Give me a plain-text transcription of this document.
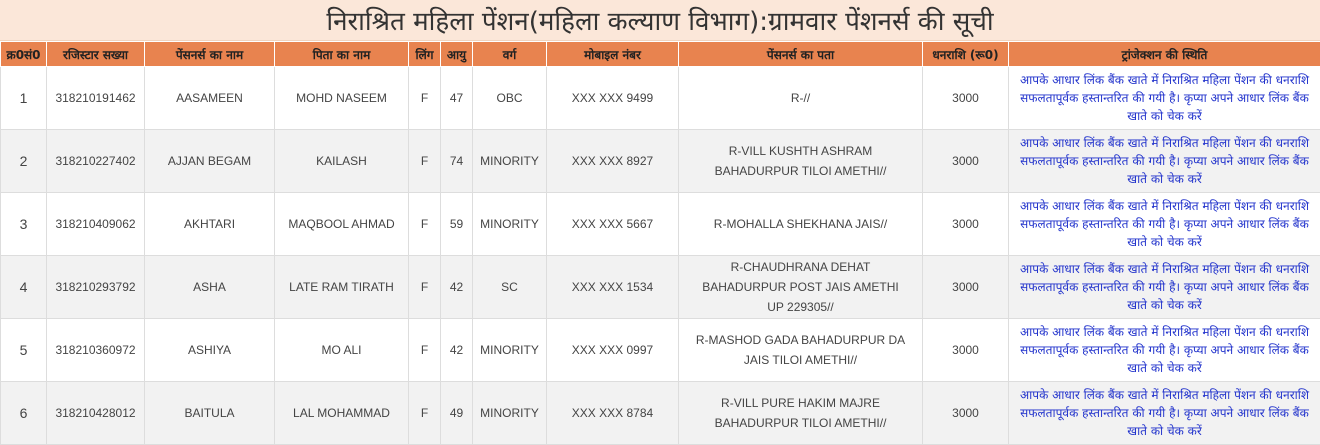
निराश्रित महिला पेंशन(महिला कल्याण विभाग):ग्रामवार पेंशनर्स की सूची
क्र0सं0	रजिस्टार सख्या	पेंसनर्स का नाम	पिता का नाम	लिंग	आयु	वर्ग	मोबाइल नंबर	पेंसनर्स का पता	धनराशि (रू0)	ट्रांजेक्शन की स्थिति
1	318210191462	AASAMEEN	MOHD NASEEM	F	47	OBC	XXX XXX 9499	R-//	3000	आपके आधार लिंक बैंक खाते में निराश्रित महिला पेंशन की धनराशि सफलतापूर्वक हस्तान्तरित की गयी है। कृप्या अपने आधार लिंक बैंक खाते को चेक करें
2	318210227402	AJJAN BEGAM	KAILASH	F	74	MINORITY	XXX XXX 8927	R-VILL KUSHTH ASHRAM BAHADURPUR TILOI AMETHI//	3000	आपके आधार लिंक बैंक खाते में निराश्रित महिला पेंशन की धनराशि सफलतापूर्वक हस्तान्तरित की गयी है। कृप्या अपने आधार लिंक बैंक खाते को चेक करें
3	318210409062	AKHTARI	MAQBOOL AHMAD	F	59	MINORITY	XXX XXX 5667	R-MOHALLA SHEKHANA JAIS//	3000	आपके आधार लिंक बैंक खाते में निराश्रित महिला पेंशन की धनराशि सफलतापूर्वक हस्तान्तरित की गयी है। कृप्या अपने आधार लिंक बैंक खाते को चेक करें
4	318210293792	ASHA	LATE RAM TIRATH	F	42	SC	XXX XXX 1534	R-CHAUDHRANA DEHAT BAHADURPUR POST JAIS AMETHI UP 229305//	3000	आपके आधार लिंक बैंक खाते में निराश्रित महिला पेंशन की धनराशि सफलतापूर्वक हस्तान्तरित की गयी है। कृप्या अपने आधार लिंक बैंक खाते को चेक करें
5	318210360972	ASHIYA	MO ALI	F	42	MINORITY	XXX XXX 0997	R-MASHOD GADA BAHADURPUR DA JAIS TILOI AMETHI//	3000	आपके आधार लिंक बैंक खाते में निराश्रित महिला पेंशन की धनराशि सफलतापूर्वक हस्तान्तरित की गयी है। कृप्या अपने आधार लिंक बैंक खाते को चेक करें
6	318210428012	BAITULA	LAL MOHAMMAD	F	49	MINORITY	XXX XXX 8784	R-VILL PURE HAKIM MAJRE BAHADURPUR TILOI AMETHI//	3000	आपके आधार लिंक बैंक खाते में निराश्रित महिला पेंशन की धनराशि सफलतापूर्वक हस्तान्तरित की गयी है। कृप्या अपने आधार लिंक बैंक खाते को चेक करें
